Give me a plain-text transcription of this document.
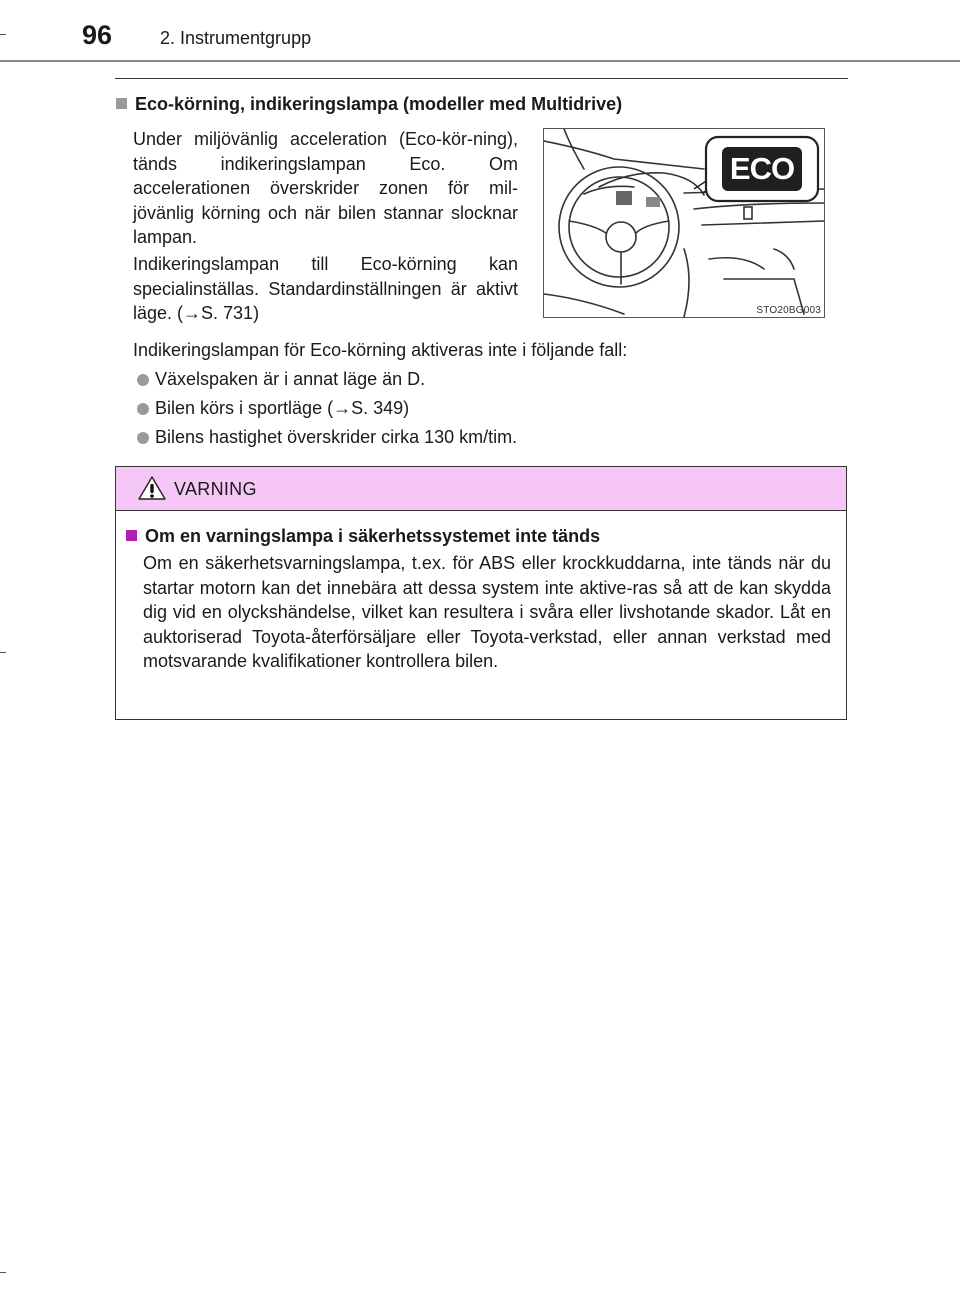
96	2. Instrumentgrupp
Eco-körning, indikeringslampa (modeller med Multidrive)
Under miljövänlig acceleration (Eco-kör-ning), tänds indikeringslampan Eco. Om accelerationen överskrider zonen för mil-jövänlig körning och när bilen stannar slocknar lampan.
Indikeringslampan till Eco-körning kan specialinställas. Standardinställningen är aktivt läge. (→S. 731)
ECO
STO20BG003
Indikeringslampan för Eco-körning aktiveras inte i följande fall:
Växelspaken är i annat läge än D.
Bilen körs i sportläge (→S. 349)
Bilens hastighet överskrider cirka 130 km/tim.
VARNING
Om en varningslampa i säkerhetssystemet inte tänds
Om en säkerhetsvarningslampa, t.ex. för ABS eller krockkuddarna, inte tänds när du startar motorn kan det innebära att dessa system inte aktive-ras så att de kan skydda dig vid en olyckshändelse, vilket kan resultera i svåra eller livshotande skador. Låt en auktoriserad Toyota-återförsäljare eller Toyota-verkstad, eller annan verkstad med motsvarande kvalifikationer kontrollera bilen.
